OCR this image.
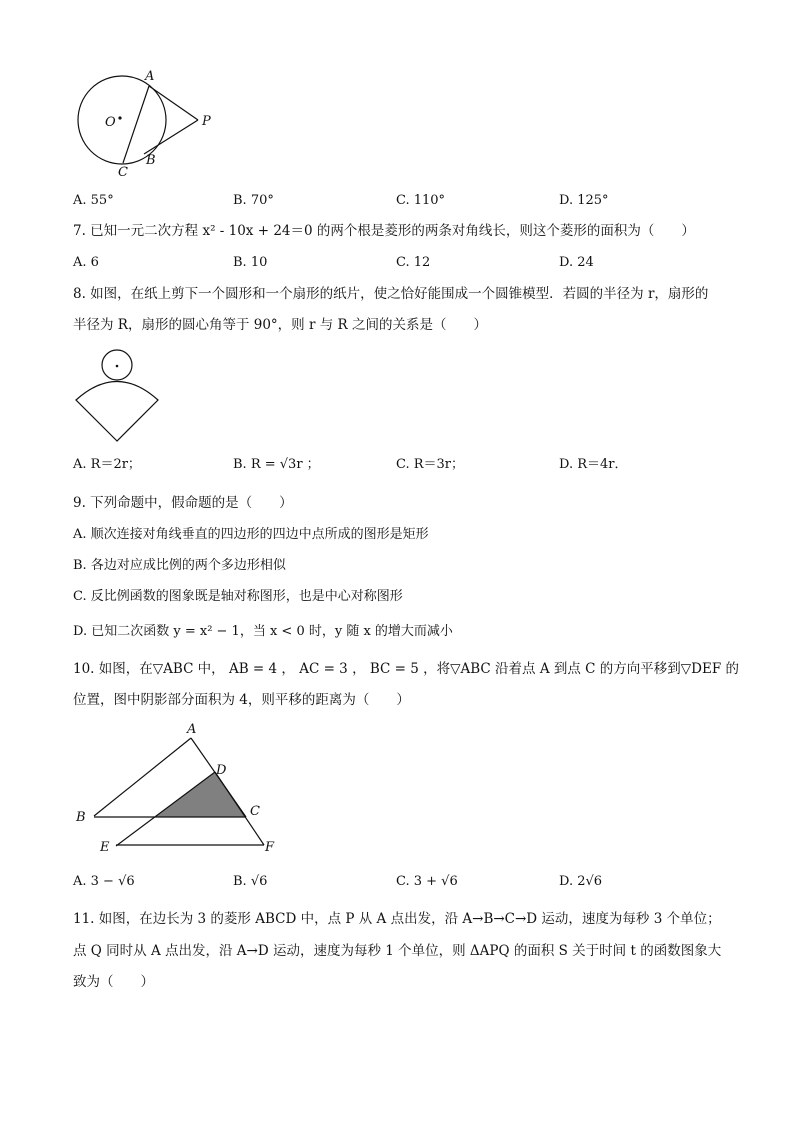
A
O	P
B
C
A. 55°	B. 70°	C. 110°	D. 125°
7. 已知一元二次方程 x² - 10x + 24＝0 的两个根是菱形的两条对角线长，则这个菱形的面积为（　　）
A. 6	B. 10	C. 12	D. 24
8. 如图，在纸上剪下一个圆形和一个扇形的纸片，使之恰好能围成一个圆锥模型．若圆的半径为 r，扇形的
半径为 R，扇形的圆心角等于 90°，则 r 与 R 之间的关系是（　　）
A. R＝2r；	B. R = √3r ；	C. R＝3r；	D. R＝4r．
9. 下列命题中，假命题的是（　　）
A. 顺次连接对角线垂直的四边形的四边中点所成的图形是矩形
B. 各边对应成比例的两个多边形相似
C. 反比例函数的图象既是轴对称图形，也是中心对称图形
D. 已知二次函数 y = x² − 1，当 x < 0 时，y 随 x 的增大而减小
10. 如图，在▽ABC 中， AB = 4 ， AC = 3 ， BC = 5 ，将▽ABC 沿着点 A 到点 C 的方向平移到▽DEF 的
位置，图中阴影部分面积为 4，则平移的距离为（　　）
A
D
B	C
E	F
A. 3 − √6	B. √6	C. 3 + √6	D. 2√6
11. 如图，在边长为 3 的菱形 ABCD 中，点 P 从 A 点出发，沿 A→B→C→D 运动，速度为每秒 3 个单位；
点 Q 同时从 A 点出发，沿 A→D 运动，速度为每秒 1 个单位，则 ΔAPQ 的面积 S 关于时间 t 的函数图象大
致为（　　）
